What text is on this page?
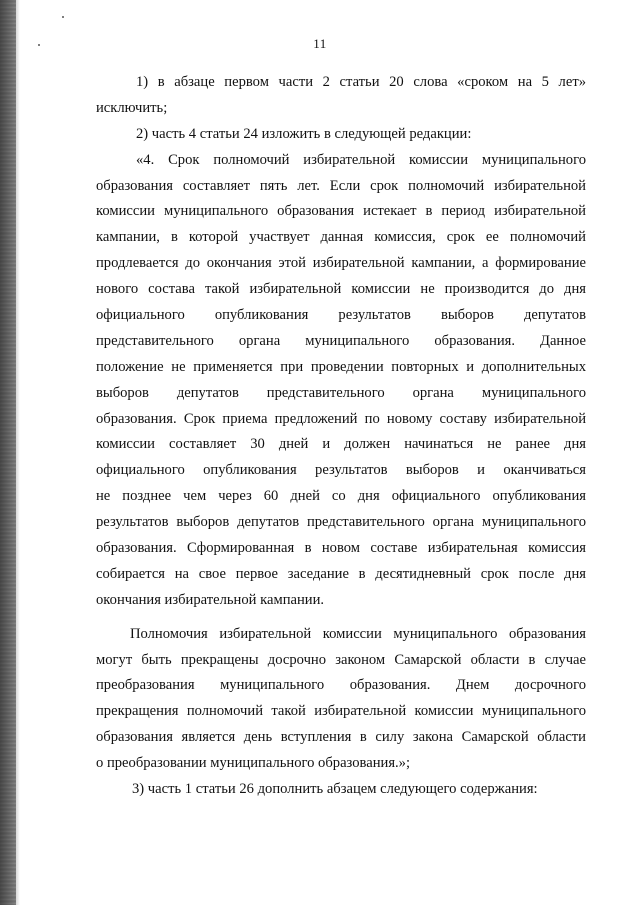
11
1) в абзаце первом части 2 статьи 20 слова «сроком на 5 лет»
исключить;
2) часть 4 статьи 24 изложить в следующей редакции:
«4. Срок полномочий избирательной комиссии муниципального
образования составляет пять лет. Если срок полномочий избирательной
комиссии муниципального образования истекает в период избирательной
кампании, в которой участвует данная комиссия, срок ее полномочий
продлевается до окончания этой избирательной кампании, а формирование
нового состава такой избирательной комиссии не производится до дня
официального опубликования результатов выборов депутатов
представительного органа муниципального образования. Данное
положение не применяется при проведении повторных и дополнительных
выборов депутатов представительного органа муниципального
образования. Срок приема предложений по новому составу избирательной
комиссии составляет 30 дней и должен начинаться не ранее дня
официального опубликования результатов выборов и оканчиваться
не позднее чем через 60 дней со дня официального опубликования
результатов выборов депутатов представительного органа муниципального
образования. Сформированная в новом составе избирательная комиссия
собирается на свое первое заседание в десятидневный срок после дня
окончания избирательной кампании.
Полномочия избирательной комиссии муниципального образования
могут быть прекращены досрочно законом Самарской области в случае
преобразования муниципального образования. Днем досрочного
прекращения полномочий такой избирательной комиссии муниципального
образования является день вступления в силу закона Самарской области
о преобразовании муниципального образования.»;
3) часть 1 статьи 26 дополнить абзацем следующего содержания:
